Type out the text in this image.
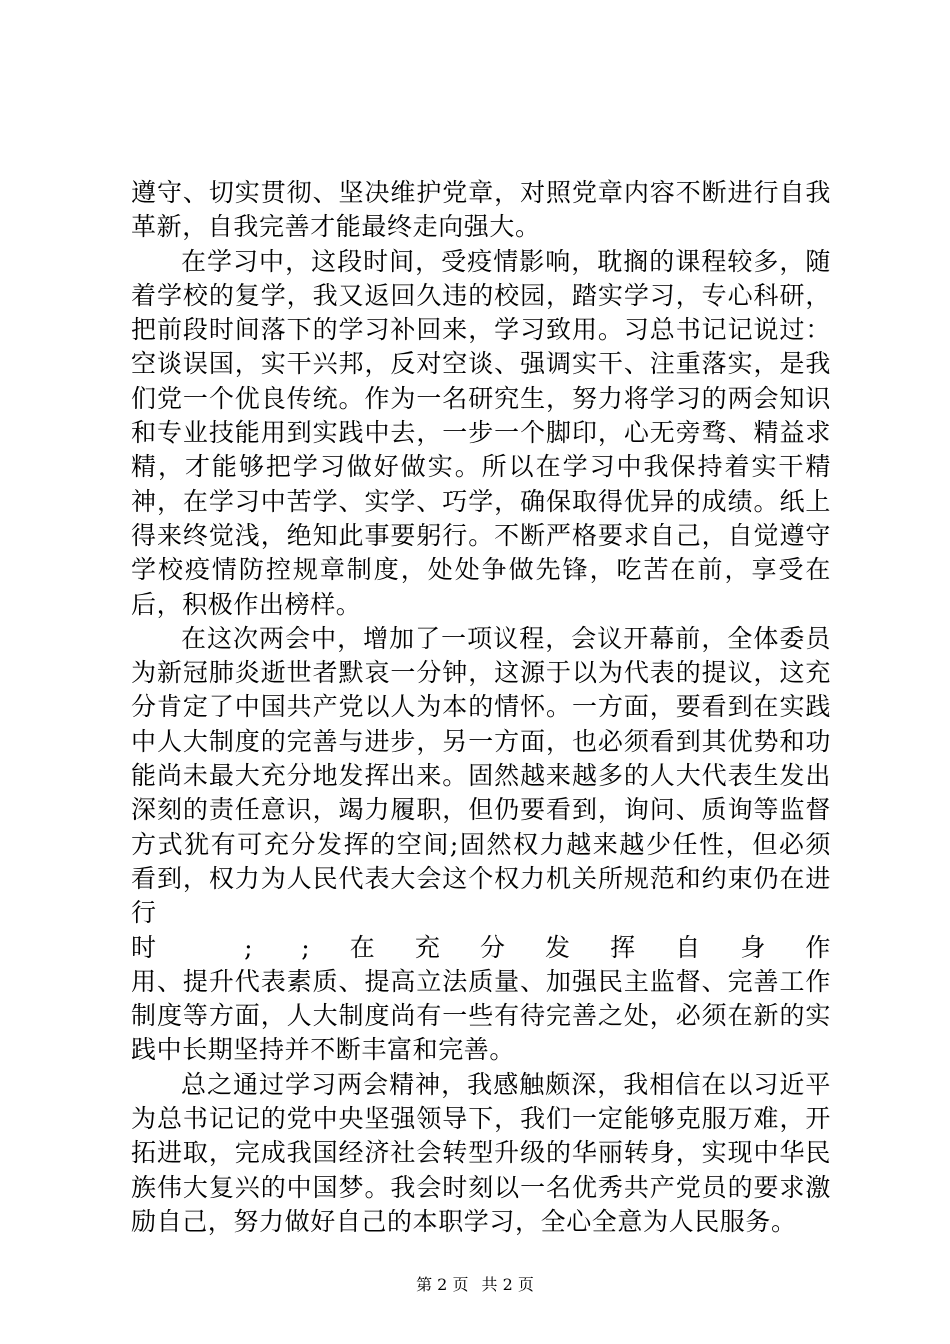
遵守、切实贯彻、坚决维护党章，对照党章内容不断进行自我革新，自我完善才能最终走向强大。

在学习中，这段时间，受疫情影响，耽搁的课程较多，随着学校的复学，我又返回久违的校园，踏实学习，专心科研，把前段时间落下的学习补回来，学习致用。习总书记记说过：空谈误国，实干兴邦，反对空谈、强调实干、注重落实，是我们党一个优良传统。作为一名研究生，努力将学习的两会知识和专业技能用到实践中去，一步一个脚印，心无旁骛、精益求精，才能够把学习做好做实。所以在学习中我保持着实干精神，在学习中苦学、实学、巧学，确保取得优异的成绩。纸上得来终觉浅，绝知此事要躬行。不断严格要求自己，自觉遵守学校疫情防控规章制度，处处争做先锋，吃苦在前，享受在后，积极作出榜样。

在这次两会中，增加了一项议程，会议开幕前，全体委员为新冠肺炎逝世者默哀一分钟，这源于以为代表的提议，这充分肯定了中国共产党以人为本的情怀。一方面，要看到在实践中人大制度的完善与进步，另一方面，也必须看到其优势和功能尚未最大充分地发挥出来。固然越来越多的人大代表生发出深刻的责任意识，竭力履职，但仍要看到，询问、质询等监督方式犹有可充分发挥的空间;固然权力越来越少任性，但必须看到，权力为人民代表大会这个权力机关所规范和约束仍在进行
时 ; ;在充分发挥自身作
用、提升代表素质、提高立法质量、加强民主监督、完善工作制度等方面，人大制度尚有一些有待完善之处，必须在新的实践中长期坚持并不断丰富和完善。

总之通过学习两会精神，我感触颇深，我相信在以习近平为总书记记的党中央坚强领导下，我们一定能够克服万难，开拓进取，完成我国经济社会转型升级的华丽转身，实现中华民族伟大复兴的中国梦。我会时刻以一名优秀共产党员的要求激励自己，努力做好自己的本职学习，全心全意为人民服务。

第 2 页 共 2 页
